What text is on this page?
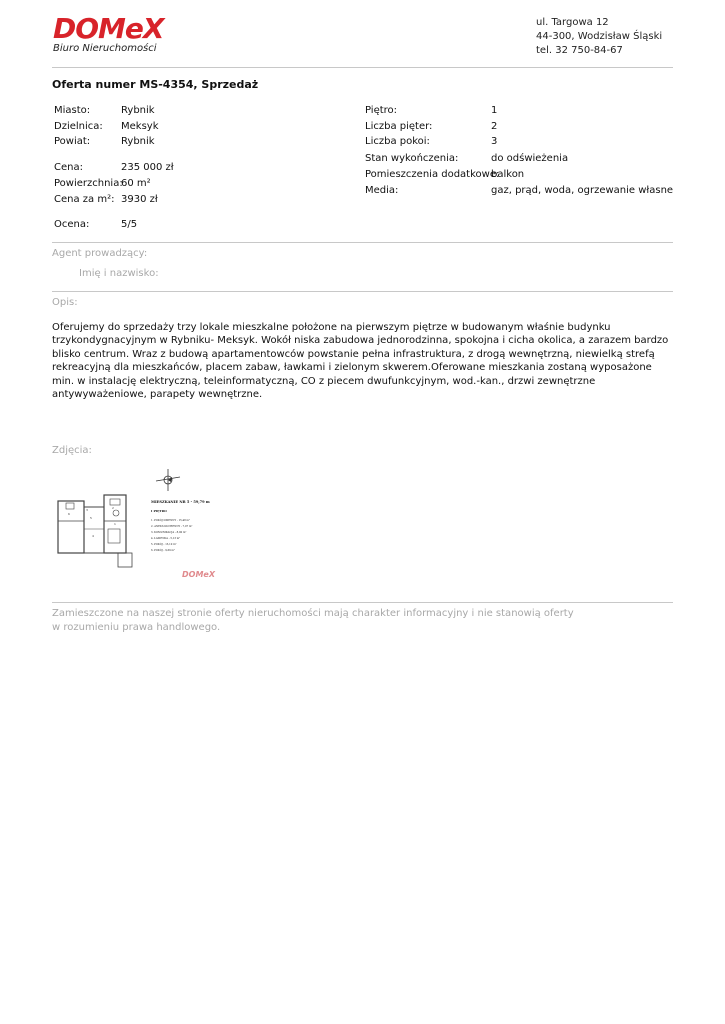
DOMeX
Biuro Nieruchomości
ul. Targowa 12
44-300, Wodzisław Śląski
tel. 32 750-84-67
Oferta numer MS-4354, Sprzedaż
Miasto:	Rybnik
Dzielnica: Meksyk
Powiat:	Rybnik
Cena:	235 000 zł
Powierzchnia:
60 m²
Cena za m²: 3930 zł
Ocena:	5/5
Piętro:	1
Liczba pięter:	2
Liczba pokoi:	3
Stan wykończenia:	do odświeżenia
Pomieszczenia dodatkowe:
balkon
Media:	gaz, prąd, woda, ogrzewanie własne
Agent prowadzący:
Imię i nazwisko:
Opis:
Oferujemy do sprzedaży trzy lokale mieszkalne położone na pierwszym piętrze w budowanym właśnie budynku trzykondygnacyjnym w Rybniku- Meksyk. Wokół niska zabudowa jednorodzinna, spokojna i cicha okolica, a zarazem bardzo blisko centrum. Wraz z budową apartamentowców powstanie pełna infrastruktura, z drogą wewnętrzną, niewielką strefą rekreacyjną dla mieszkańców, placem zabaw, ławkami i zielonym skwerem.Oferowane mieszkania zostaną wyposażone min. w instalację elektryczną, teleinformatyczną, CO z piecem dwufunkcyjnym, wod.-kan., drzwi zewnętrzne antywyważeniowe, parapety wewnętrzne.
Zdjęcia:
6
5
4
2
1
3
MIESZKANIE NR 5 - 59,79 m
I PIĘTRO
1. POKÓJ DZIENNY - 15,48 m²
2. ANEKS KUCHENNY - 7,07 m²
3. KOMUNIKACJA - 8,90 m²
4. ŁAZIENKA - 5,13 m²
5. POKÓJ - 13,10 m²
6. POKÓJ - 9,69 m²
DOMeX
Zamieszczone na naszej stronie oferty nieruchomości mają charakter informacyjny i nie stanowią oferty
w rozumieniu prawa handlowego.
